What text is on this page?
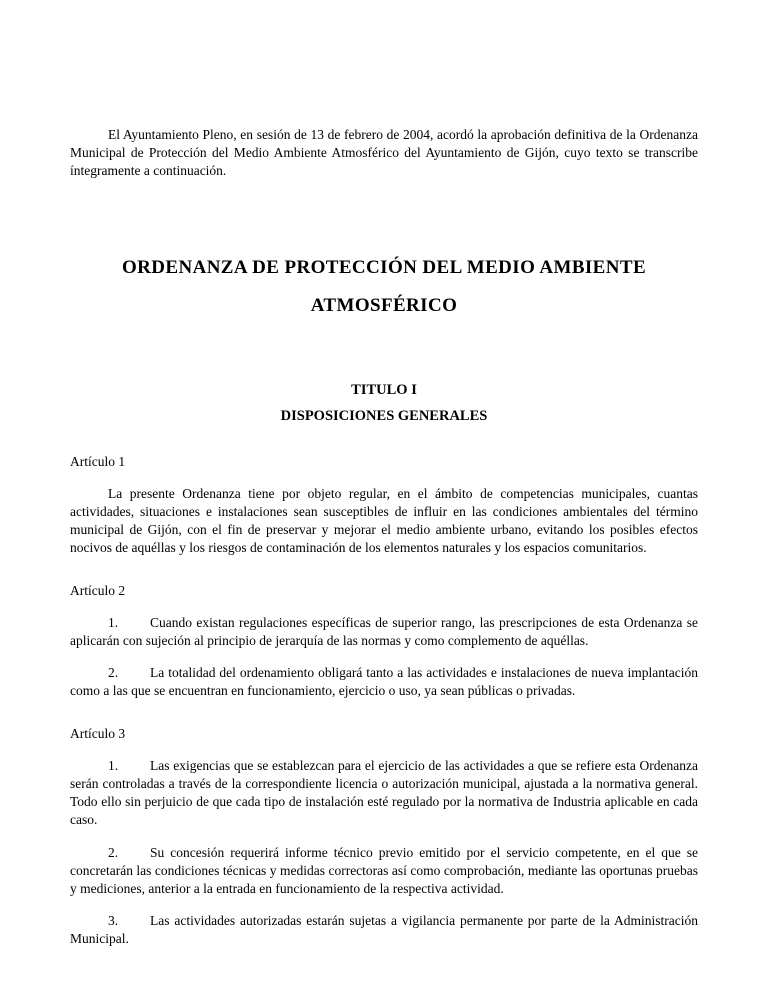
El Ayuntamiento Pleno, en sesión de 13 de febrero de 2004, acordó la aprobación definitiva de la Ordenanza Municipal de Protección del Medio Ambiente Atmosférico del Ayuntamiento de Gijón, cuyo texto se transcribe íntegramente a continuación.

ORDENANZA DE PROTECCIÓN DEL MEDIO AMBIENTE
ATMOSFÉRICO
TITULO I
DISPOSICIONES GENERALES

Artículo 1

La presente Ordenanza tiene por objeto regular, en el ámbito de competencias municipales, cuantas actividades, situaciones e instalaciones sean susceptibles de influir en las condiciones ambientales del término municipal de Gijón, con el fin de preservar y mejorar el medio ambiente urbano, evitando los posibles efectos nocivos de aquéllas y los riesgos de contaminación de los elementos naturales y los espacios comunitarios.

Artículo 2

1. Cuando existan regulaciones específicas de superior rango, las prescripciones de esta Ordenanza se aplicarán con sujeción al principio de jerarquía de las normas y como complemento de aquéllas.

2. La totalidad del ordenamiento obligará tanto a las actividades e instalaciones de nueva implantación como a las que se encuentran en funcionamiento, ejercicio o uso, ya sean públicas o privadas.

Artículo 3

1. Las exigencias que se establezcan para el ejercicio de las actividades a que se refiere esta Ordenanza serán controladas a través de la correspondiente licencia o autorización municipal, ajustada a la normativa general. Todo ello sin perjuicio de que cada tipo de instalación esté regulado por la normativa de Industria aplicable en cada caso.

2. Su concesión requerirá informe técnico previo emitido por el servicio competente, en el que se concretarán las condiciones técnicas y medidas correctoras así como comprobación, mediante las oportunas pruebas y mediciones, anterior a la entrada en funcionamiento de la respectiva actividad.

3. Las actividades autorizadas estarán sujetas a vigilancia permanente por parte de la Administración Municipal.
